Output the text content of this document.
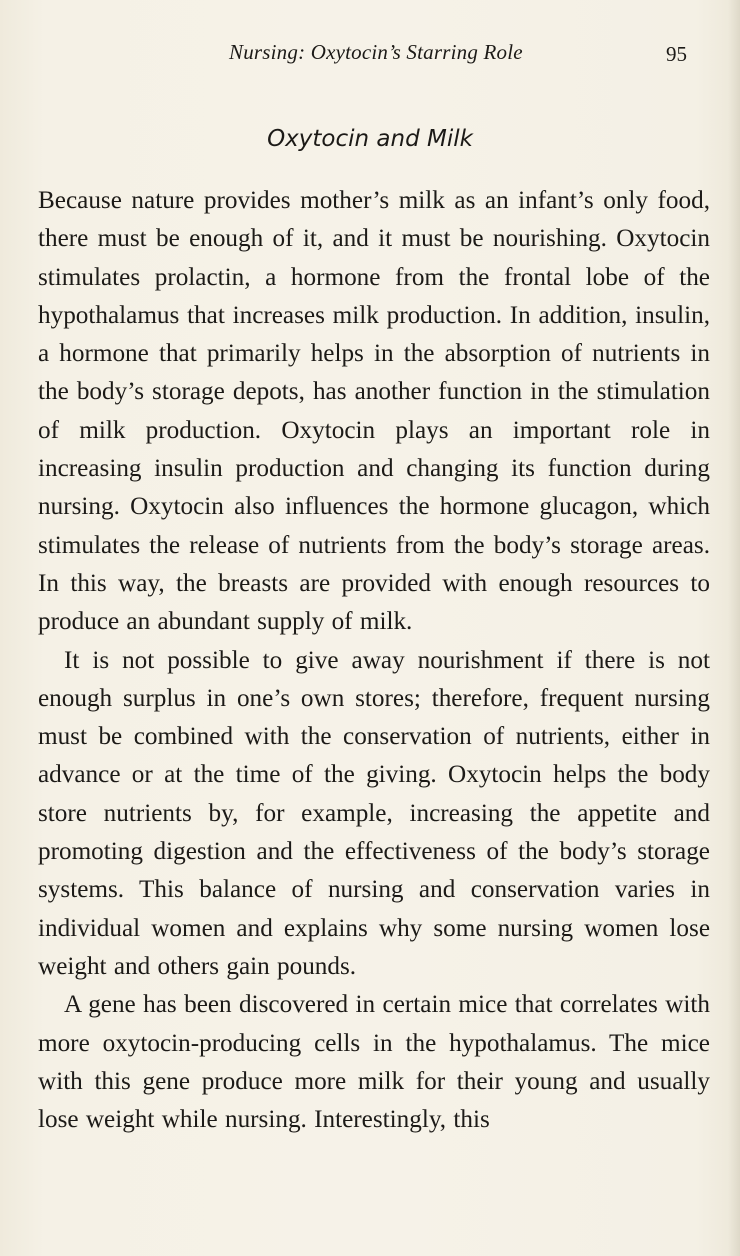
Nursing: Oxytocin’s Starring Role	95
Oxytocin and Milk

Because nature provides mother’s milk as an infant’s only food, there must be enough of it, and it must be nourishing. Oxytocin stimulates prolactin, a hormone from the frontal lobe of the hypothalamus that increases milk production. In addition, insulin, a hormone that primarily helps in the absorption of nutrients in the body’s storage depots, has another function in the stimulation of milk production. Oxytocin plays an important role in increasing insulin production and changing its function during nursing. Oxytocin also influences the hormone glucagon, which stimulates the release of nutrients from the body’s storage areas. In this way, the breasts are provided with enough resources to produce an abundant supply of milk.

It is not possible to give away nourishment if there is not enough surplus in one’s own stores; therefore, frequent nursing must be combined with the conservation of nutrients, either in advance or at the time of the giving. Oxytocin helps the body store nutrients by, for example, increasing the appetite and promoting digestion and the effectiveness of the body’s storage systems. This balance of nursing and conservation varies in individual women and explains why some nursing women lose weight and others gain pounds.

A gene has been discovered in certain mice that correlates with more oxytocin-producing cells in the hypothalamus. The mice with this gene produce more milk for their young and usually lose weight while nursing. Interestingly, this
